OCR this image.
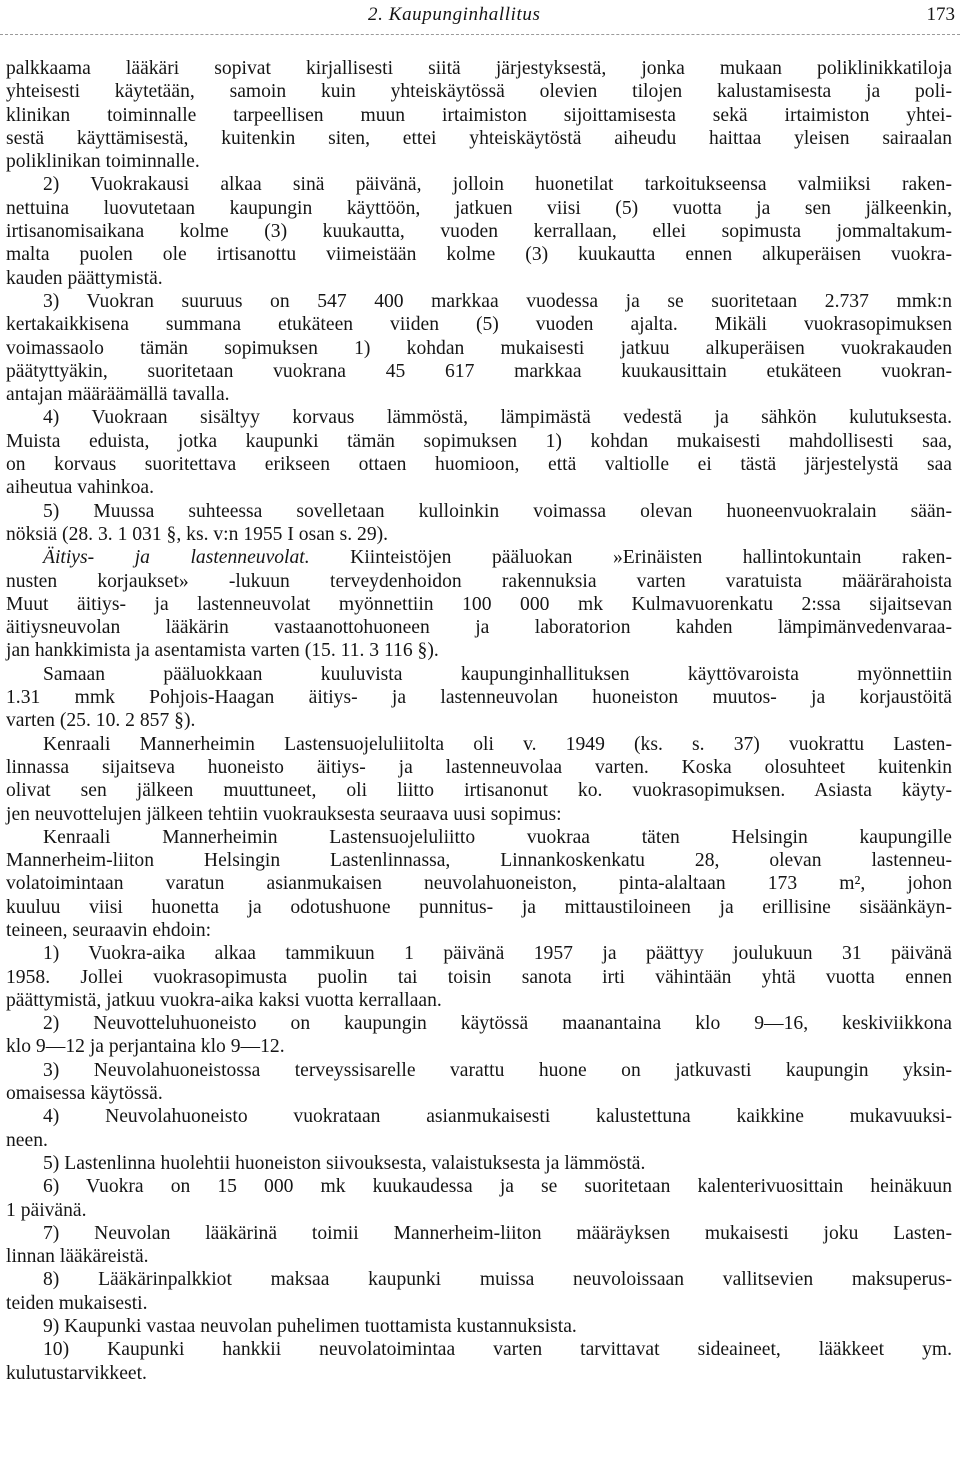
2. Kaupunginhallitus	173
palkkaama lääkäri sopivat kirjallisesti siitä järjestyksestä, jonka mukaan poliklinikkatiloja
yhteisesti käytetään, samoin kuin yhteiskäytössä olevien tilojen kalustamisesta ja poli-
klinikan toiminnalle tarpeellisen muun irtaimiston sijoittamisesta sekä irtaimiston yhtei-
sestä käyttämisestä, kuitenkin siten, ettei yhteiskäytöstä aiheudu haittaa yleisen sairaalan
poliklinikan toiminnalle.
2) Vuokrakausi alkaa sinä päivänä, jolloin huonetilat tarkoitukseensa valmiiksi raken-
nettuina luovutetaan kaupungin käyttöön, jatkuen viisi (5) vuotta ja sen jälkeenkin,
irtisanomisaikana kolme (3) kuukautta, vuoden kerrallaan, ellei sopimusta jommaltakum-
malta puolen ole irtisanottu viimeistään kolme (3) kuukautta ennen alkuperäisen vuokra-
kauden päättymistä.
3) Vuokran suuruus on 547 400 markkaa vuodessa ja se suoritetaan 2.737 mmk:n
kertakaikkisena summana etukäteen viiden (5) vuoden ajalta. Mikäli vuokrasopimuksen
voimassaolo tämän sopimuksen 1) kohdan mukaisesti jatkuu alkuperäisen vuokrakauden
päätyttyäkin, suoritetaan vuokrana 45 617 markkaa kuukausittain etukäteen vuokran-
antajan määräämällä tavalla.
4) Vuokraan sisältyy korvaus lämmöstä, lämpimästä vedestä ja sähkön kulutuksesta.
Muista eduista, jotka kaupunki tämän sopimuksen 1) kohdan mukaisesti mahdollisesti saa,
on korvaus suoritettava erikseen ottaen huomioon, että valtiolle ei tästä järjestelystä saa
aiheutua vahinkoa.
5) Muussa suhteessa sovelletaan kulloinkin voimassa olevan huoneenvuokralain sään-
nöksiä (28. 3. 1 031 §, ks. v:n 1955 I osan s. 29).
Äitiys- ja lastenneuvolat. Kiinteistöjen pääluokan »Erinäisten hallintokuntain raken-
nusten korjaukset» -lukuun terveydenhoidon rakennuksia varten varatuista määrärahoista
Muut äitiys- ja lastenneuvolat myönnettiin 100 000 mk Kulmavuorenkatu 2:ssa sijaitsevan
äitiysneuvolan lääkärin vastaanottohuoneen ja laboratorion kahden lämpimänvedenvaraa-
jan hankkimista ja asentamista varten (15. 11. 3 116 §).
Samaan pääluokkaan kuuluvista kaupunginhallituksen käyttövaroista myönnettiin
1.31 mmk Pohjois-Haagan äitiys- ja lastenneuvolan huoneiston muutos- ja korjaustöitä
varten (25. 10. 2 857 §).
Kenraali Mannerheimin Lastensuojeluliitolta oli v. 1949 (ks. s. 37) vuokrattu Lasten-
linnassa sijaitseva huoneisto äitiys- ja lastenneuvolaa varten. Koska olosuhteet kuitenkin
olivat sen jälkeen muuttuneet, oli liitto irtisanonut ko. vuokrasopimuksen. Asiasta käyty-
jen neuvottelujen jälkeen tehtiin vuokrauksesta seuraava uusi sopimus:
Kenraali Mannerheimin Lastensuojeluliitto vuokraa täten Helsingin kaupungille
Mannerheim-liiton Helsingin Lastenlinnassa, Linnankoskenkatu 28, olevan lastenneu-
volatoimintaan varatun asianmukaisen neuvolahuoneiston, pinta-alaltaan 173 m², johon
kuuluu viisi huonetta ja odotushuone punnitus- ja mittaustiloineen ja erillisine sisäänkäyn-
teineen, seuraavin ehdoin:
1) Vuokra-aika alkaa tammikuun 1 päivänä 1957 ja päättyy joulukuun 31 päivänä
1958. Jollei vuokrasopimusta puolin tai toisin sanota irti vähintään yhtä vuotta ennen
päättymistä, jatkuu vuokra-aika kaksi vuotta kerrallaan.
2) Neuvotteluhuoneisto on kaupungin käytössä maanantaina klo 9—16, keskiviikkona
klo 9—12 ja perjantaina klo 9—12.
3) Neuvolahuoneistossa terveyssisarelle varattu huone on jatkuvasti kaupungin yksin-
omaisessa käytössä.
4) Neuvolahuoneisto vuokrataan asianmukaisesti kalustettuna kaikkine mukavuuksi-
neen.
5) Lastenlinna huolehtii huoneiston siivouksesta, valaistuksesta ja lämmöstä.
6) Vuokra on 15 000 mk kuukaudessa ja se suoritetaan kalenterivuosittain heinäkuun
1 päivänä.
7) Neuvolan lääkärinä toimii Mannerheim-liiton määräyksen mukaisesti joku Lasten-
linnan lääkäreistä.
8) Lääkärinpalkkiot maksaa kaupunki muissa neuvoloissaan vallitsevien maksuperus-
teiden mukaisesti.
9) Kaupunki vastaa neuvolan puhelimen tuottamista kustannuksista.
10) Kaupunki hankkii neuvolatoimintaa varten tarvittavat sideaineet, lääkkeet ym.
kulutustarvikkeet.
